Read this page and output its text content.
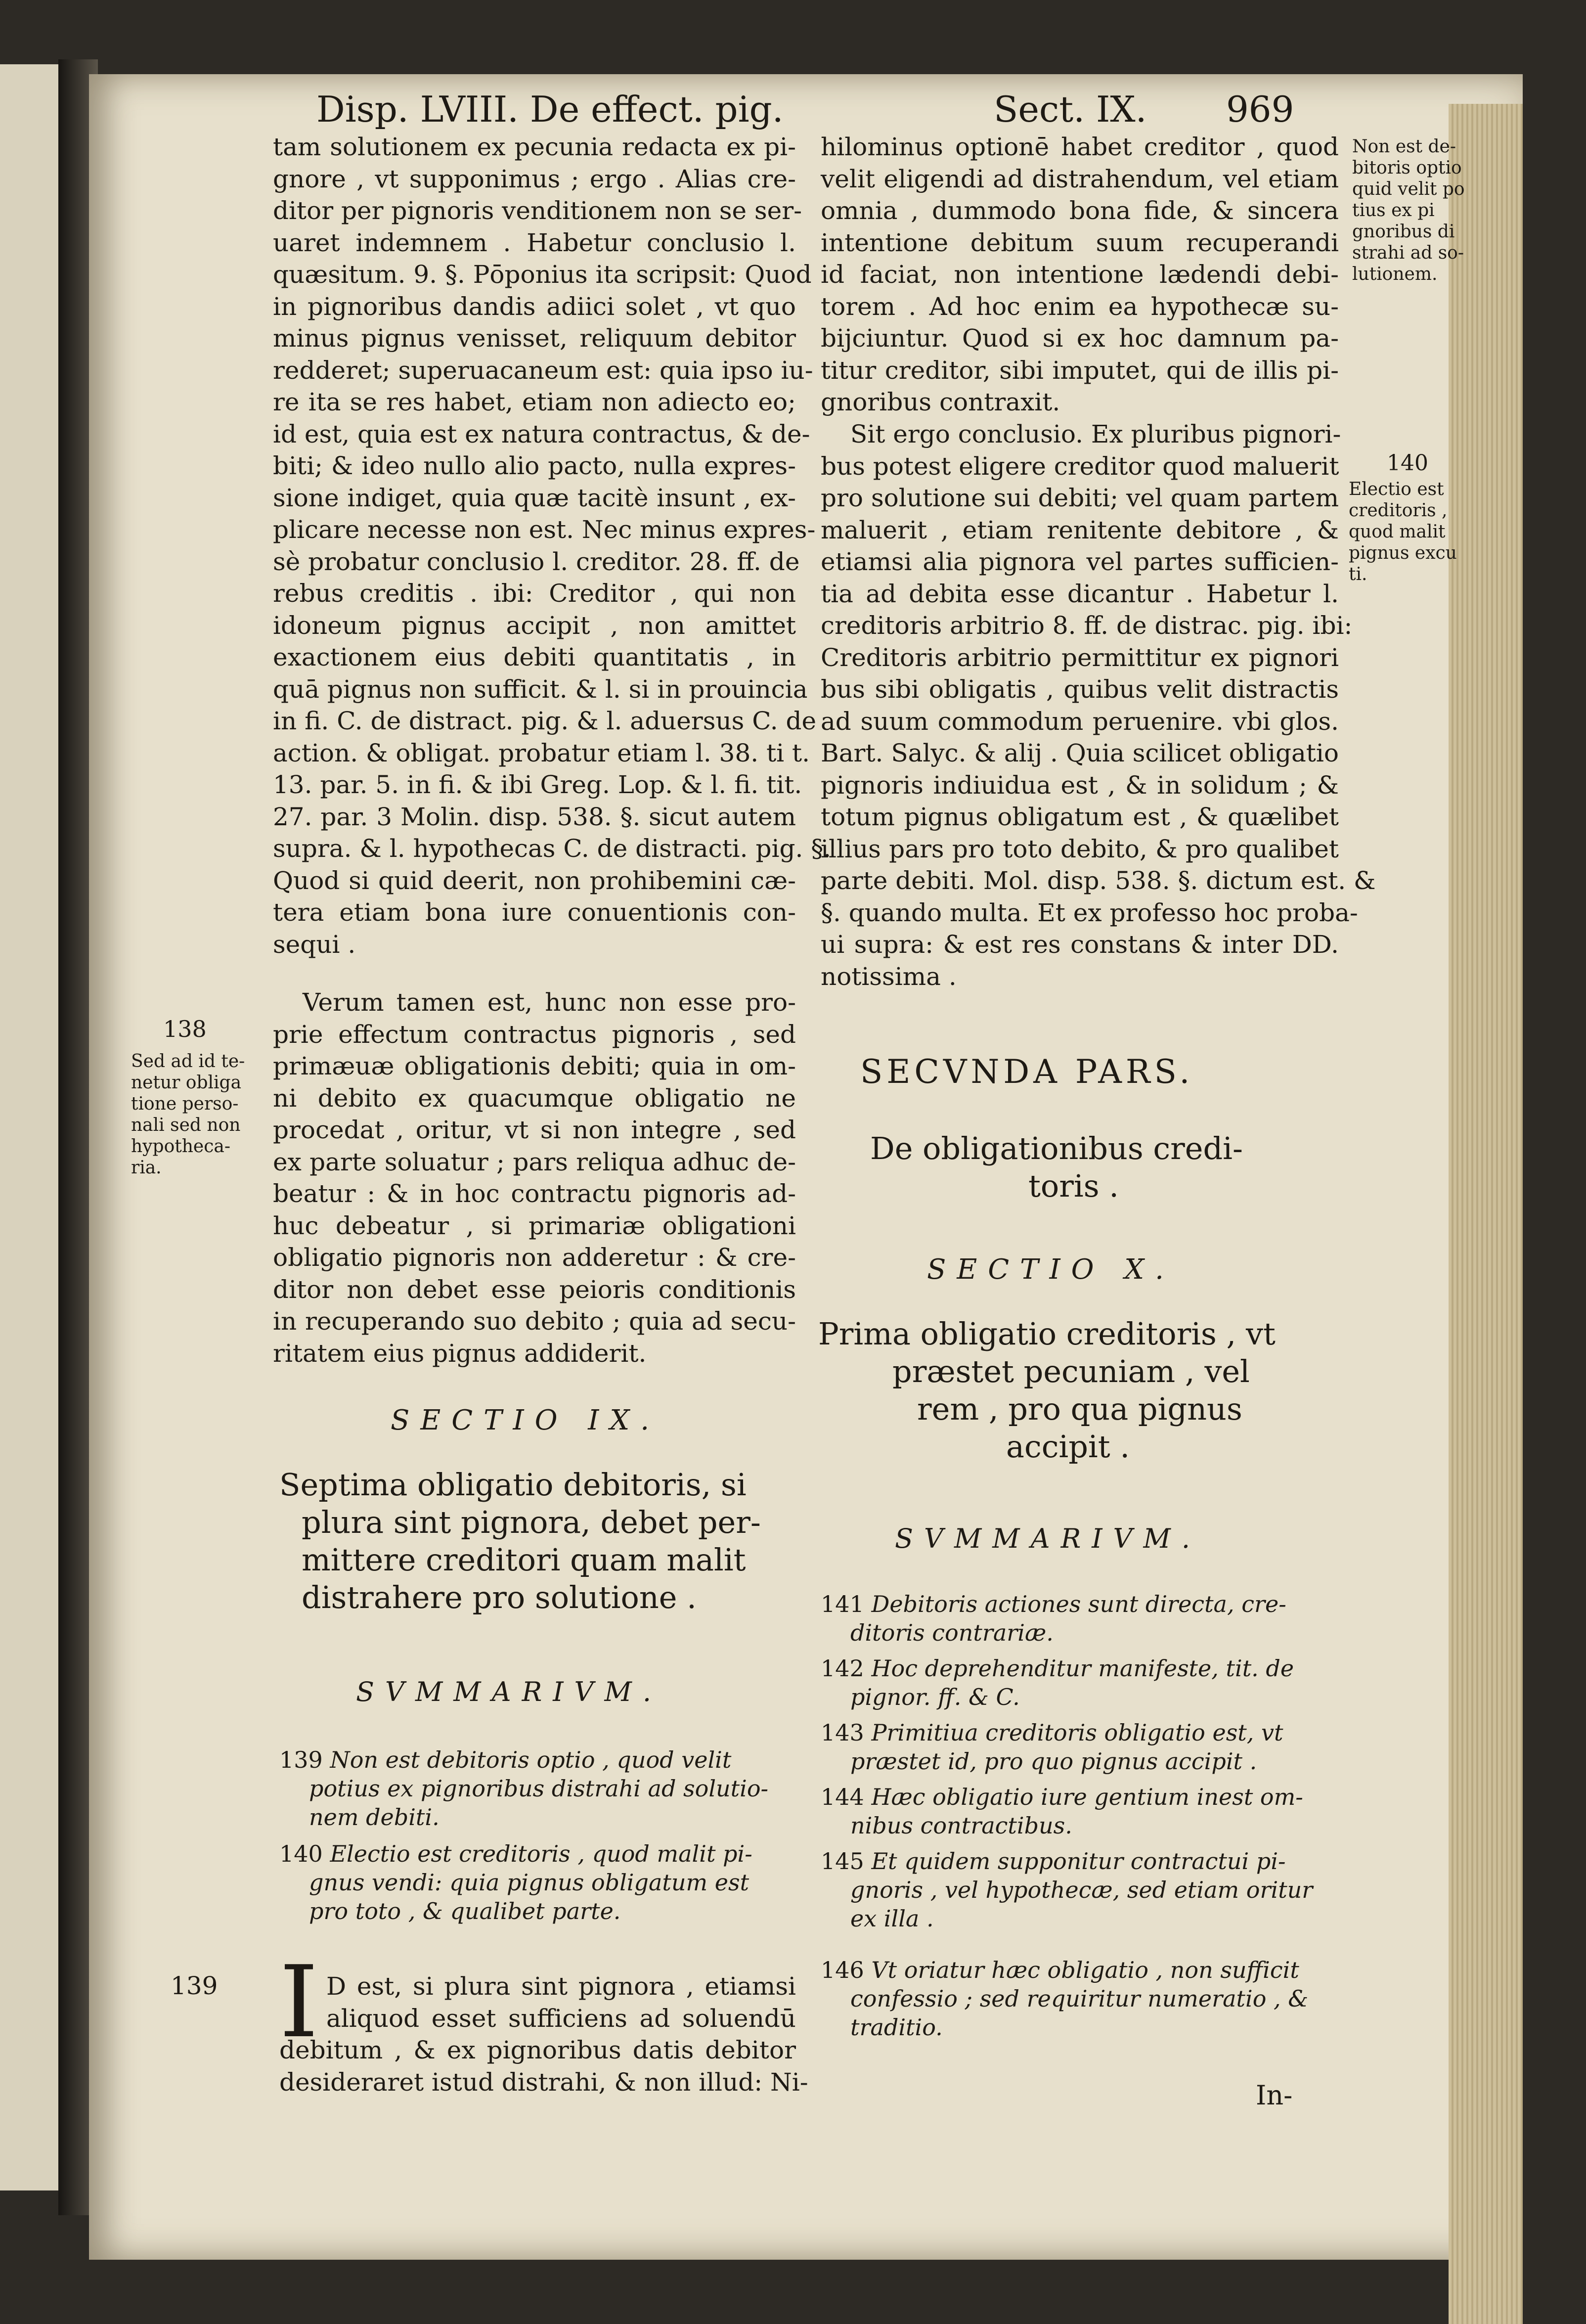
Disp. LVIII. De effect. pig.	Sect. IX. 969

tam solutionem ex pecunia redacta ex pi-

gnore , vt supponimus ; ergo . Alias cre-

ditor per pignoris venditionem non se ser-

uaret indemnem . Habetur conclusio l.

quæsitum. 9. §. Pōponius ita scripsit: Quod

in pignoribus dandis adiici solet , vt quo

minus pignus venisset, reliquum debitor

redderet; superuacaneum est: quia ipso iu-

re ita se res habet, etiam non adiecto eo;

id est, quia est ex natura contractus, & de-

biti; & ideo nullo alio pacto, nulla expres-

sione indiget, quia quæ tacitè insunt , ex-

plicare necesse non est. Nec minus expres-

sè probatur conclusio l. creditor. 28. ff. de

rebus creditis . ibi: Creditor , qui non

idoneum pignus accipit , non amittet

exactionem eius debiti quantitatis , in

quā pignus non sufficit. & l. si in prouincia

in fi. C. de distract. pig. & l. aduersus C. de

action. & obligat. probatur etiam l. 38. ti t.

13. par. 5. in fi. & ibi Greg. Lop. & l. fi. tit.

27. par. 3 Molin. disp. 538. §. sicut autem

supra. & l. hypothecas C. de distracti. pig. §.

Quod si quid deerit, non prohibemini cæ-

tera etiam bona iure conuentionis con-

sequi .

Verum tamen est, hunc non esse pro-

prie effectum contractus pignoris , sed

primæuæ obligationis debiti; quia in om-

ni debito ex quacumque obligatio ne

procedat , oritur, vt si non integre , sed

ex parte soluatur ; pars reliqua adhuc de-

beatur : & in hoc contractu pignoris ad-

huc debeatur , si primariæ obligationi

obligatio pignoris non adderetur : & cre-

ditor non debet esse peioris conditionis

in recuperando suo debito ; quia ad secu-

ritatem eius pignus addiderit.

138
Sed ad id te-
netur obliga
tione perso-
nali sed non
hypotheca-
ria.
SECTIO IX.
Septima obligatio debitoris, si
plura sint pignora, debet per-
mittere creditori quam malit
distrahere pro solutione .
SVMMARIVM.
139 Non est debitoris optio , quod velit
potius ex pignoribus distrahi ad solutio-
nem debiti.
140 Electio est creditoris , quod malit pi-
gnus vendi: quia pignus obligatum est
pro toto , & qualibet parte.
139 I D est, si plura sint pignora , etiamsi

aliquod esset sufficiens ad soluendū

debitum , & ex pignoribus datis debitor

desideraret istud distrahi, & non illud: Ni-

hilominus optionē habet creditor , quod

velit eligendi ad distrahendum, vel etiam

omnia , dummodo bona fide, & sincera

intentione debitum suum recuperandi

id faciat, non intentione lædendi debi-

torem . Ad hoc enim ea hypothecæ su-

bijciuntur. Quod si ex hoc damnum pa-

titur creditor, sibi imputet, qui de illis pi-

gnoribus contraxit.

Sit ergo conclusio. Ex pluribus pignori-

bus potest eligere creditor quod maluerit

pro solutione sui debiti; vel quam partem

maluerit , etiam renitente debitore , &

etiamsi alia pignora vel partes sufficien-

tia ad debita esse dicantur . Habetur l.

creditoris arbitrio 8. ff. de distrac. pig. ibi:

Creditoris arbitrio permittitur ex pignori

bus sibi obligatis , quibus velit distractis

ad suum commodum peruenire. vbi glos.

Bart. Salyc. & alij . Quia scilicet obligatio

pignoris indiuidua est , & in solidum ; &

totum pignus obligatum est , & quælibet

illius pars pro toto debito, & pro qualibet

parte debiti. Mol. disp. 538. §. dictum est. &

§. quando multa. Et ex professo hoc proba-

ui supra: & est res constans & inter DD.

notissima .

Non est de-
bitoris optio
quid velit po
tius ex pi
gnoribus di
strahi ad so-
lutionem.
140
Electio est
creditoris ,
quod malit
pignus excu
ti.
SECVNDA PARS.
De obligationibus credi-
toris .
SECTIO X.
Prima obligatio creditoris , vt
præstet pecuniam , vel
rem , pro qua pignus
accipit .
SVMMARIVM.
141 Debitoris actiones sunt directa, cre-
ditoris contrariæ.
142 Hoc deprehenditur manifeste, tit. de
pignor. ff. & C.
143 Primitiua creditoris obligatio est, vt
præstet id, pro quo pignus accipit .
144 Hæc obligatio iure gentium inest om-
nibus contractibus.
145 Et quidem supponitur contractui pi-
gnoris , vel hypothecæ, sed etiam oritur
ex illa .
146 Vt oriatur hæc obligatio , non sufficit
confessio ; sed requiritur numeratio , &
traditio.
In-
